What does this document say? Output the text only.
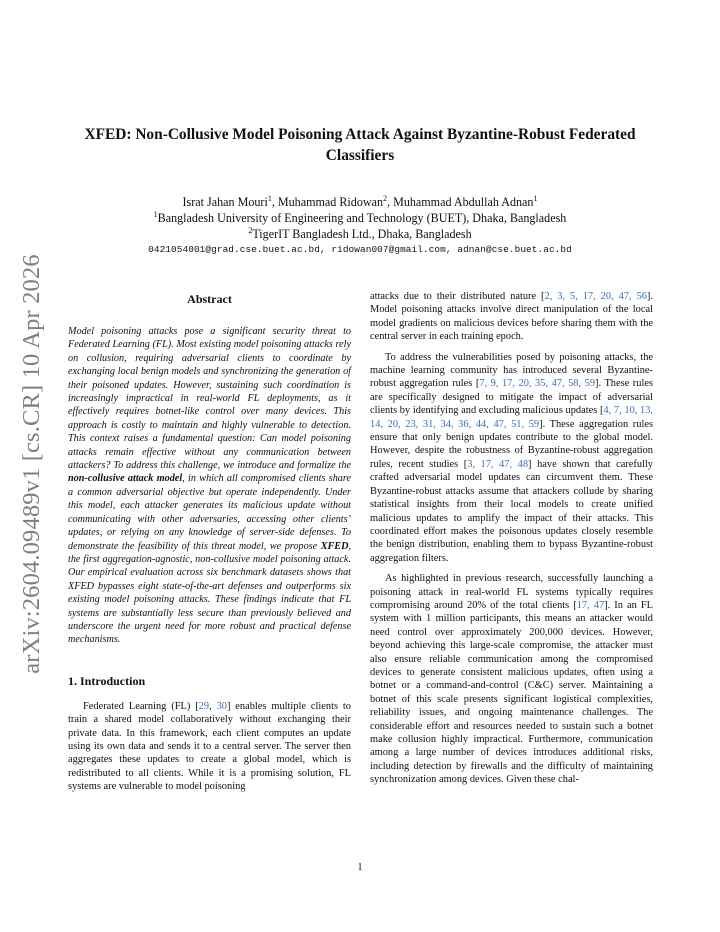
arXiv:2604.09489v1 [cs.CR] 10 Apr 2026
XFED: Non-Collusive Model Poisoning Attack Against Byzantine-Robust Federated Classifiers
Israt Jahan Mouri$^1$, Muhammad Ridowan$^2$, Muhammad Abdullah Adnan$^1$
$^1$Bangladesh University of Engineering and Technology (BUET), Dhaka, Bangladesh
$^2$TigerIT Bangladesh Ltd., Dhaka, Bangladesh
0421054001@grad.cse.buet.ac.bd, ridowan007@gmail.com, adnan@cse.buet.ac.bd
Abstract

Model poisoning attacks pose a significant security threat to Federated Learning (FL). Most existing model poisoning attacks rely on collusion, requiring adversarial clients to coordinate by exchanging local benign models and synchronizing the generation of their poisoned updates. However, sustaining such coordination is increasingly impractical in real-world FL deployments, as it effectively requires botnet-like control over many devices. This approach is costly to maintain and highly vulnerable to detection. This context raises a fundamental question: Can model poisoning attacks remain effective without any communication between attackers? To address this challenge, we introduce and formalize the non-collusive attack model, in which all compromised clients share a common adversarial objective but operate independently. Under this model, each attacker generates its malicious update without communicating with other adversaries, accessing other clients’ updates, or relying on any knowledge of server-side defenses. To demonstrate the feasibility of this threat model, we propose XFED, the first aggregation-agnostic, non-collusive model poisoning attack. Our empirical evaluation across six benchmark datasets shows that XFED bypasses eight state-of-the-art defenses and outperforms six existing model poisoning attacks. These findings indicate that FL systems are substantially less secure than previously believed and underscore the urgent need for more robust and practical defense mechanisms.

1. Introduction

Federated Learning (FL) [29, 30] enables multiple clients to train a shared model collaboratively without exchanging their private data. In this framework, each client computes an update using its own data and sends it to a central server. The server then aggregates these updates to create a global model, which is redistributed to all clients. While it is a promising solution, FL systems are vulnerable to model poisoning

attacks due to their distributed nature [2, 3, 5, 17, 20, 47, 56]. Model poisoning attacks involve direct manipulation of the local model gradients on malicious devices before sharing them with the central server in each training epoch.

To address the vulnerabilities posed by poisoning attacks, the machine learning community has introduced several Byzantine-robust aggregation rules [7, 9, 17, 20, 35, 47, 58, 59]. These rules are specifically designed to mitigate the impact of adversarial clients by identifying and excluding malicious updates [4, 7, 10, 13, 14, 20, 23, 31, 34, 36, 44, 47, 51, 59]. These aggregation rules ensure that only benign updates contribute to the global model. However, despite the robustness of Byzantine-robust aggregation rules, recent studies [3, 17, 47, 48] have shown that carefully crafted adversarial model updates can circumvent them. These Byzantine-robust attacks assume that attackers collude by sharing statistical insights from their local models to create unified malicious updates to amplify the impact of their attacks. This coordinated effort makes the poisonous updates closely resemble the benign distribution, enabling them to bypass Byzantine-robust aggregation filters.

As highlighted in previous research, successfully launching a poisoning attack in real-world FL systems typically requires compromising around 20% of the total clients [17, 47]. In an FL system with 1 million participants, this means an attacker would need control over approximately 200,000 devices. However, beyond achieving this large-scale compromise, the attacker must also ensure reliable communication among the compromised devices to generate consistent malicious updates, often using a botnet or a command-and-control (C&C) server. Maintaining a botnet of this scale presents significant logistical complexities, reliability issues, and ongoing maintenance challenges. The considerable effort and resources needed to sustain such a botnet make collusion highly impractical. Furthermore, communication among a large number of devices introduces additional risks, including detection by firewalls and the difficulty of maintaining synchronization among devices. Given these chal-

1
